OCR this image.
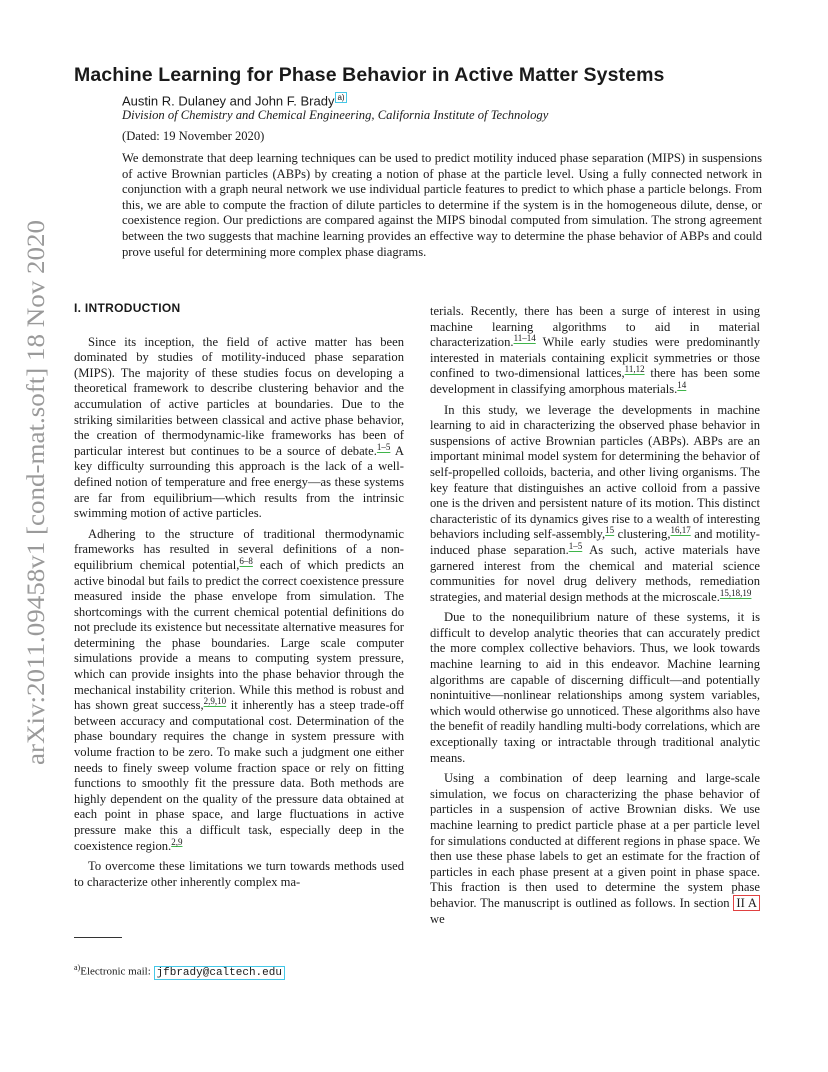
arXiv:2011.09458v1 [cond-mat.soft] 18 Nov 2020
Machine Learning for Phase Behavior in Active Matter Systems
Austin R. Dulaney and John F. Brady $^{a)}$
Division of Chemistry and Chemical Engineering, California Institute of Technology
(Dated: 19 November 2020)

We demonstrate that deep learning techniques can be used to predict motility induced phase separation (MIPS) in suspensions of active Brownian particles (ABPs) by creating a notion of phase at the particle level. Using a fully connected network in conjunction with a graph neural network we use individual particle features to predict to which phase a particle belongs. From this, we are able to compute the fraction of dilute particles to determine if the system is in the homogeneous dilute, dense, or coexistence region. Our predictions are compared against the MIPS binodal computed from simulation. The strong agreement between the two suggests that machine learning provides an effective way to determine the phase behavior of ABPs and could prove useful for determining more complex phase diagrams.

I. INTRODUCTION

Since its inception, the field of active matter has been dominated by studies of motility-induced phase separation (MIPS). The majority of these studies focus on developing a theoretical framework to describe clustering behavior and the accumulation of active particles at boundaries. Due to the striking similarities between classical and active phase behavior, the creation of thermodynamic-like frameworks has been of particular interest but continues to be a source of debate.$^{1-5}$ A key difficulty surrounding this approach is the lack of a well-defined notion of temperature and free energy—as these systems are far from equilibrium—which results from the intrinsic swimming motion of active particles.

Adhering to the structure of traditional thermodynamic frameworks has resulted in several definitions of a non-equilibrium chemical potential,$^{6-8}$ each of which predicts an active binodal but fails to predict the correct coexistence pressure measured inside the phase envelope from simulation. The shortcomings with the current chemical potential definitions do not preclude its existence but necessitate alternative measures for determining the phase boundaries. Large scale computer simulations provide a means to computing system pressure, which can provide insights into the phase behavior through the mechanical instability criterion. While this method is robust and has shown great success,$^{2,9,10}$ it inherently has a steep trade-off between accuracy and computational cost. Determination of the phase boundary requires the change in system pressure with volume fraction to be zero. To make such a judgment one either needs to finely sweep volume fraction space or rely on fitting functions to smoothly fit the pressure data. Both methods are highly dependent on the quality of the pressure data obtained at each point in phase space, and large fluctuations in active pressure make this a difficult task, especially deep in the coexistence region.$^{2,9}$

To overcome these limitations we turn towards methods used to characterize other inherently complex ma-

terials. Recently, there has been a surge of interest in using machine learning algorithms to aid in material characterization.$^{11-14}$ While early studies were predominantly interested in materials containing explicit symmetries or those confined to two-dimensional lattices,$^{11,12}$ there has been some development in classifying amorphous materials.$^{14}$

In this study, we leverage the developments in machine learning to aid in characterizing the observed phase behavior in suspensions of active Brownian particles (ABPs). ABPs are an important minimal model system for determining the behavior of self-propelled colloids, bacteria, and other living organisms. The key feature that distinguishes an active colloid from a passive one is the driven and persistent nature of its motion. This distinct characteristic of its dynamics gives rise to a wealth of interesting behaviors including self-assembly,$^{15}$ clustering,$^{16,17}$ and motility-induced phase separation.$^{1-5}$ As such, active materials have garnered interest from the chemical and material science communities for novel drug delivery methods, remediation strategies, and material design methods at the microscale.$^{15,18,19}$

Due to the nonequilibrium nature of these systems, it is difficult to develop analytic theories that can accurately predict the more complex collective behaviors. Thus, we look towards machine learning to aid in this endeavor. Machine learning algorithms are capable of discerning difficult—and potentially nonintuitive—nonlinear relationships among system variables, which would otherwise go unnoticed. These algorithms also have the benefit of readily handling multi-body correlations, which are exceptionally taxing or intractable through traditional analytic means.

Using a combination of deep learning and large-scale simulation, we focus on characterizing the phase behavior of particles in a suspension of active Brownian disks. We use machine learning to predict particle phase at a per particle level for simulations conducted at different regions in phase space. We then use these phase labels to get an estimate for the fraction of particles in each phase present at a given point in phase space. This fraction is then used to determine the system phase behavior. The manuscript is outlined as follows. In section II A we

$^{a)}$Electronic mail: jfbrady@caltech.edu
